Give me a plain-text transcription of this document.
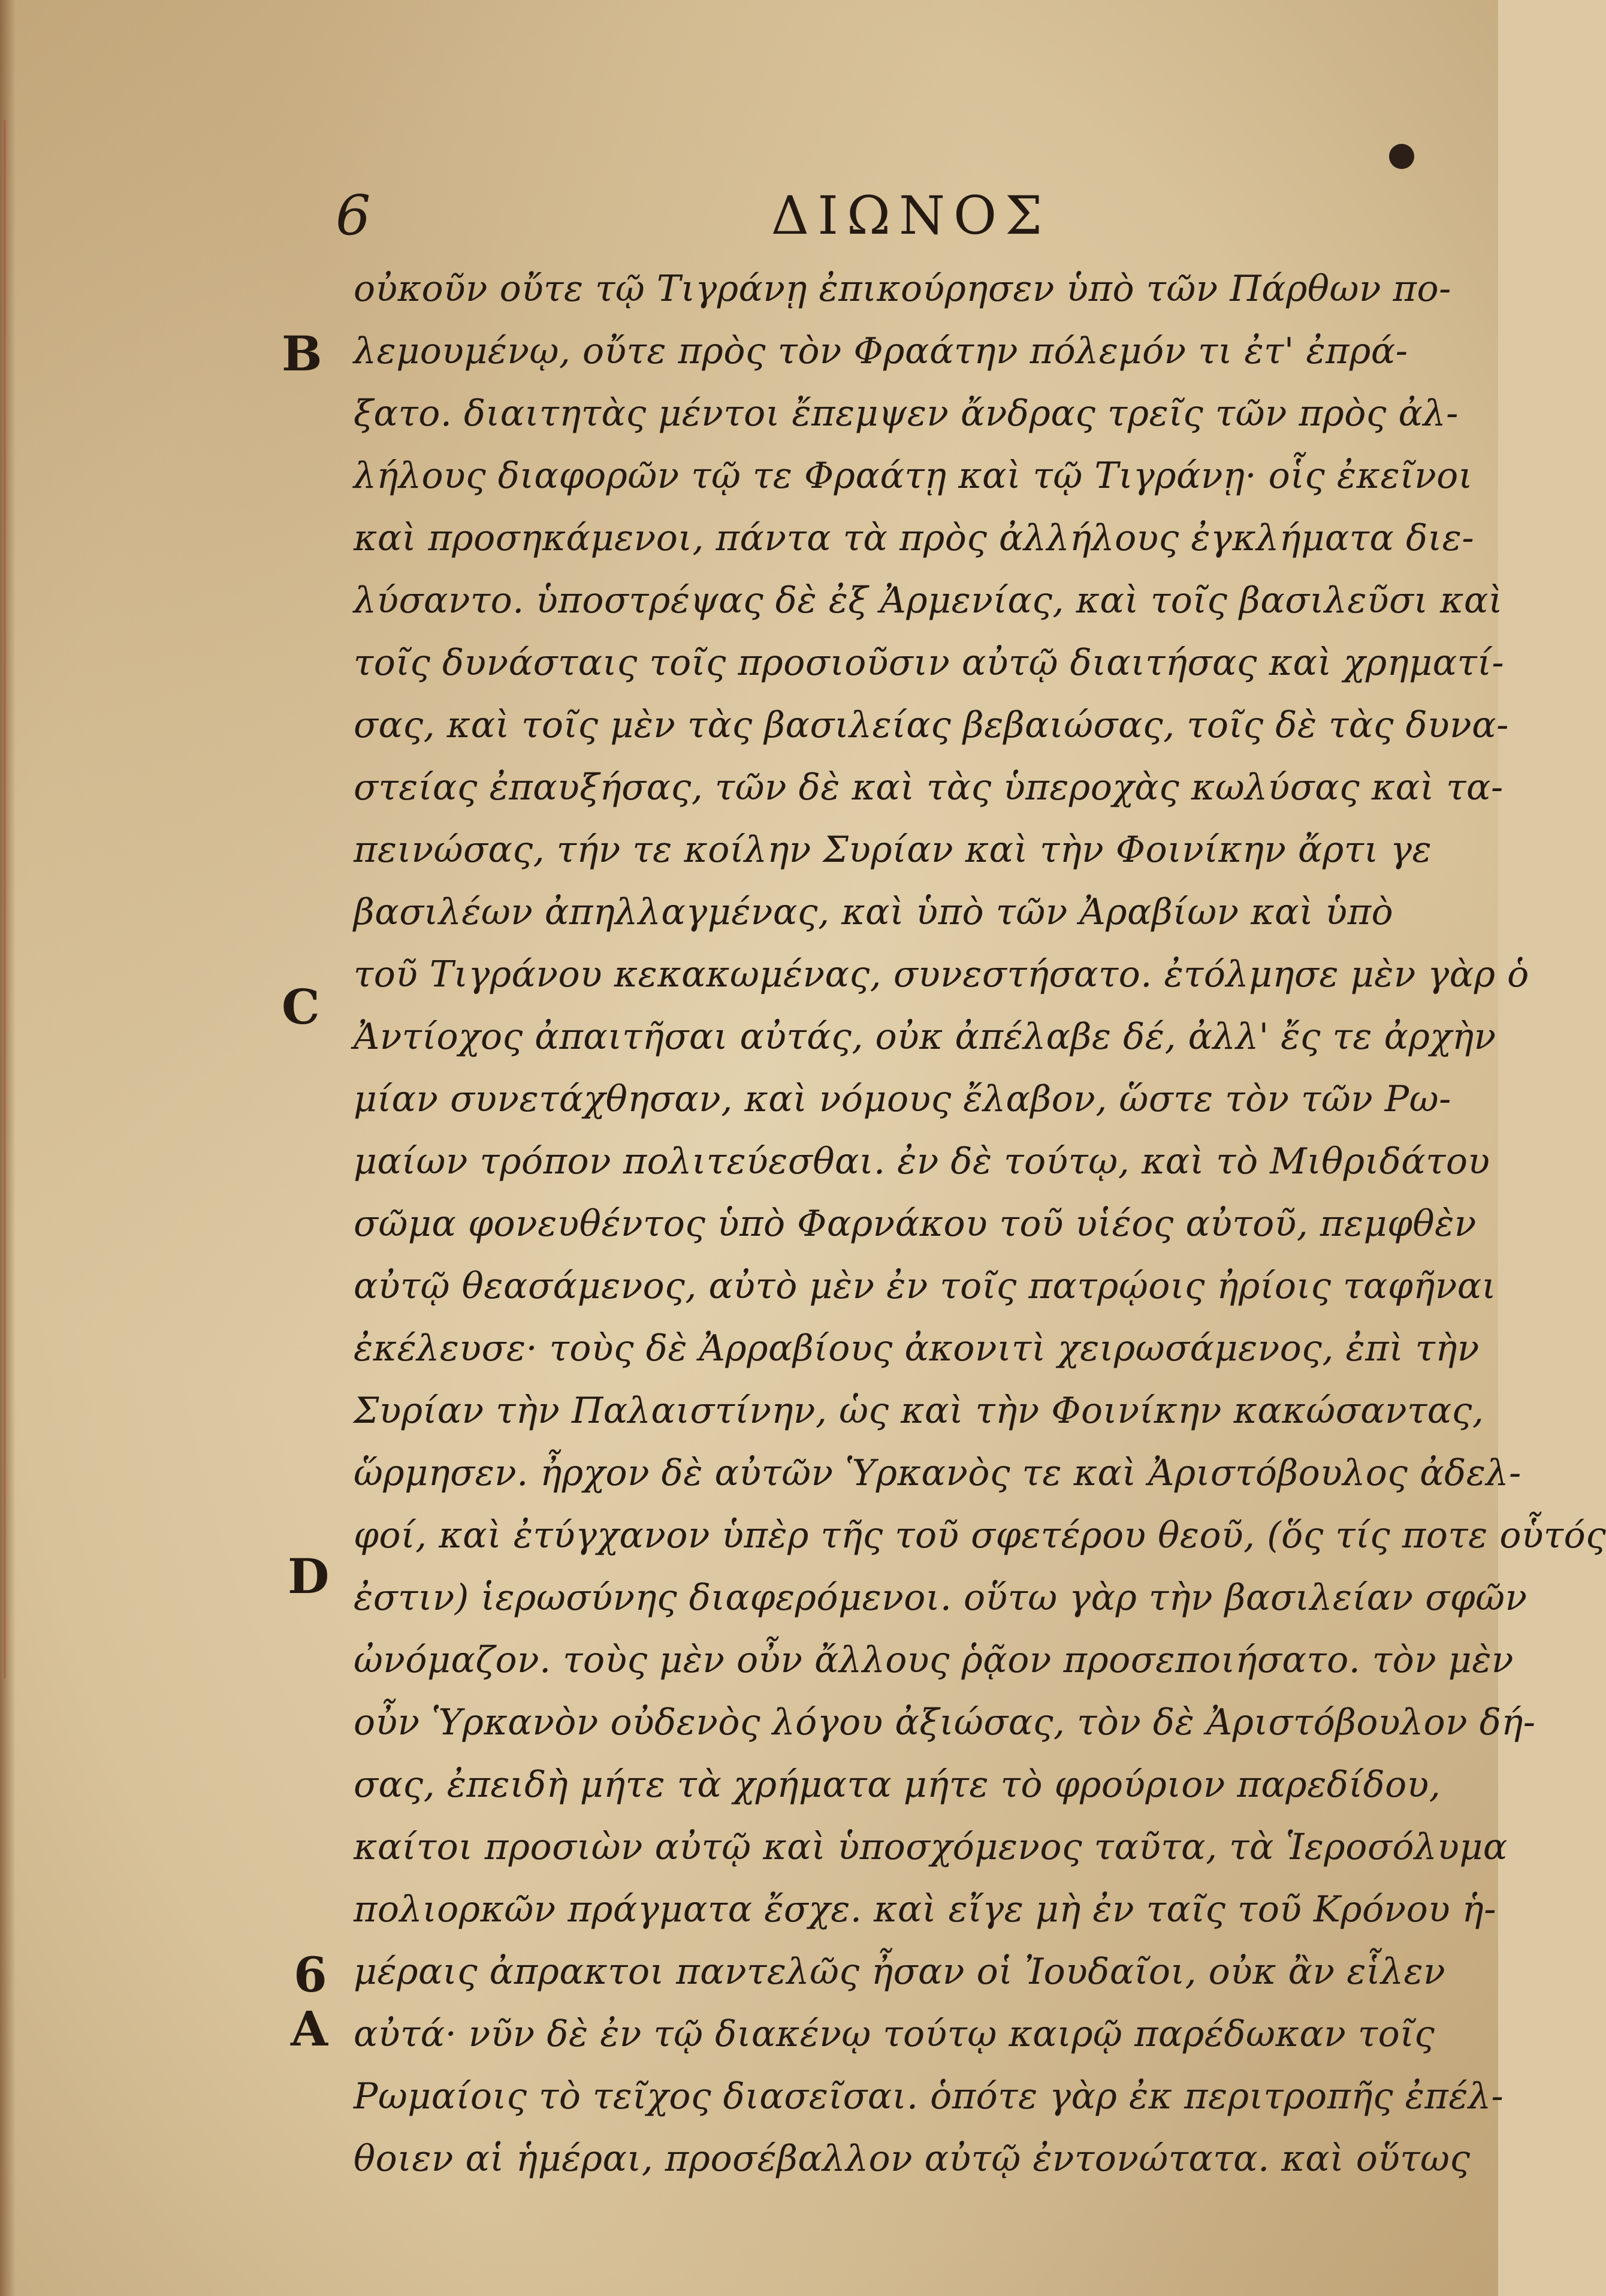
6	ΔΙΩΝΟΣ
B
C
D
6
A
οὐκοῦν οὔτε τῷ Τιγράνῃ ἐπικούρησεν ὑπὸ τῶν Πάρθων πο-
λεμουμένῳ, οὔτε πρὸς τὸν Φραάτην πόλεμόν τι ἐτ' ἐπρά-
ξατο. διαιτητὰς μέντοι ἔπεμψεν ἄνδρας τρεῖς τῶν πρὸς ἀλ-
λήλους διαφορῶν τῷ τε Φραάτῃ καὶ τῷ Τιγράνῃ· οἷς ἐκεῖνοι
καὶ προσηκάμενοι, πάντα τὰ πρὸς ἀλλήλους ἐγκλήματα διε-
λύσαντο. ὑποστρέψας δὲ ἐξ Ἀρμενίας, καὶ τοῖς βασιλεῦσι καὶ
τοῖς δυνάσταις τοῖς προσιοῦσιν αὐτῷ διαιτήσας καὶ χρηματί-
σας, καὶ τοῖς μὲν τὰς βασιλείας βεβαιώσας, τοῖς δὲ τὰς δυνα-
στείας ἐπαυξήσας, τῶν δὲ καὶ τὰς ὑπεροχὰς κωλύσας καὶ τα-
πεινώσας, τήν τε κοίλην Συρίαν καὶ τὴν Φοινίκην ἄρτι γε
βασιλέων ἀπηλλαγμένας, καὶ ὑπὸ τῶν Ἀραβίων καὶ ὑπὸ
τοῦ Τιγράνου κεκακωμένας, συνεστήσατο. ἐτόλμησε μὲν γὰρ ὁ
Ἀντίοχος ἀπαιτῆσαι αὐτάς, οὐκ ἀπέλαβε δέ, ἀλλ' ἔς τε ἀρχὴν
μίαν συνετάχθησαν, καὶ νόμους ἔλαβον, ὥστε τὸν τῶν Ρω-
μαίων τρόπον πολιτεύεσθαι. ἐν δὲ τούτῳ, καὶ τὸ Μιθριδάτου
σῶμα φονευθέντος ὑπὸ Φαρνάκου τοῦ υἱέος αὐτοῦ, πεμφθὲν
αὐτῷ θεασάμενος, αὐτὸ μὲν ἐν τοῖς πατρῴοις ἠρίοις ταφῆναι
ἐκέλευσε· τοὺς δὲ Ἀρραβίους ἀκονιτὶ χειρωσάμενος, ἐπὶ τὴν
Συρίαν τὴν Παλαιστίνην, ὡς καὶ τὴν Φοινίκην κακώσαντας,
ὥρμησεν. ἦρχον δὲ αὐτῶν Ὑρκανὸς τε καὶ Ἀριστόβουλος ἀδελ-
φοί, καὶ ἐτύγχανον ὑπὲρ τῆς τοῦ σφετέρου θεοῦ, (ὅς τίς ποτε οὗτός
ἐστιν) ἱερωσύνης διαφερόμενοι. οὕτω γὰρ τὴν βασιλείαν σφῶν
ὠνόμαζον. τοὺς μὲν οὖν ἄλλους ῥᾷον προσεποιήσατο. τὸν μὲν
οὖν Ὑρκανὸν οὐδενὸς λόγου ἀξιώσας, τὸν δὲ Ἀριστόβουλον δή-
σας, ἐπειδὴ μήτε τὰ χρήματα μήτε τὸ φρούριον παρεδίδου,
καίτοι προσιὼν αὐτῷ καὶ ὑποσχόμενος ταῦτα, τὰ Ἱεροσόλυμα
πολιορκῶν πράγματα ἔσχε. καὶ εἴγε μὴ ἐν ταῖς τοῦ Κρόνου ἡ-
μέραις ἀπρακτοι παντελῶς ἦσαν οἱ Ἰουδαῖοι, οὐκ ἂν εἷλεν
αὐτά· νῦν δὲ ἐν τῷ διακένῳ τούτῳ καιρῷ παρέδωκαν τοῖς
Ρωμαίοις τὸ τεῖχος διασεῖσαι. ὁπότε γὰρ ἐκ περιτροπῆς ἐπέλ-
θοιεν αἱ ἡμέραι, προσέβαλλον αὐτῷ ἐντονώτατα. καὶ οὕτως
